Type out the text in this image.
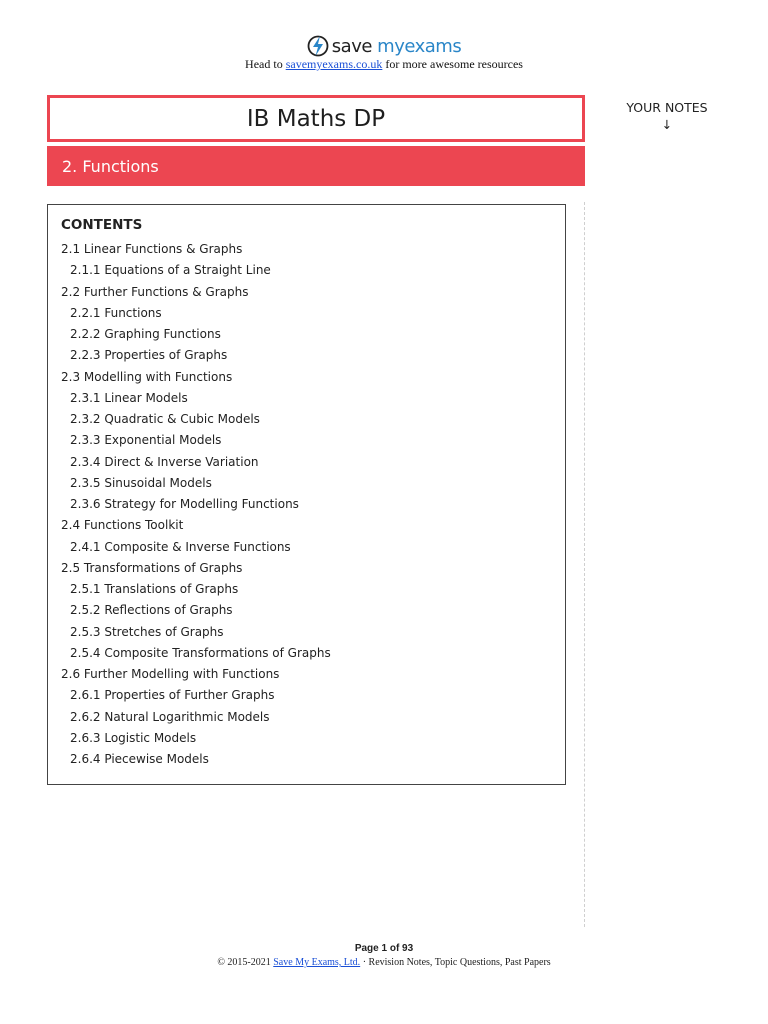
save myexams
Head to savemyexams.co.uk for more awesome resources
IB Maths DP
2. Functions
YOUR NOTES
↓
CONTENTS
2.1 Linear Functions & Graphs
2.1.1 Equations of a Straight Line
2.2 Further Functions & Graphs
2.2.1 Functions
2.2.2 Graphing Functions
2.2.3 Properties of Graphs
2.3 Modelling with Functions
2.3.1 Linear Models
2.3.2 Quadratic & Cubic Models
2.3.3 Exponential Models
2.3.4 Direct & Inverse Variation
2.3.5 Sinusoidal Models
2.3.6 Strategy for Modelling Functions
2.4 Functions Toolkit
2.4.1 Composite & Inverse Functions
2.5 Transformations of Graphs
2.5.1 Translations of Graphs
2.5.2 Reflections of Graphs
2.5.3 Stretches of Graphs
2.5.4 Composite Transformations of Graphs
2.6 Further Modelling with Functions
2.6.1 Properties of Further Graphs
2.6.2 Natural Logarithmic Models
2.6.3 Logistic Models
2.6.4 Piecewise Models
Page 1 of 93
© 2015-2021 Save My Exams, Ltd. · Revision Notes, Topic Questions, Past Papers
